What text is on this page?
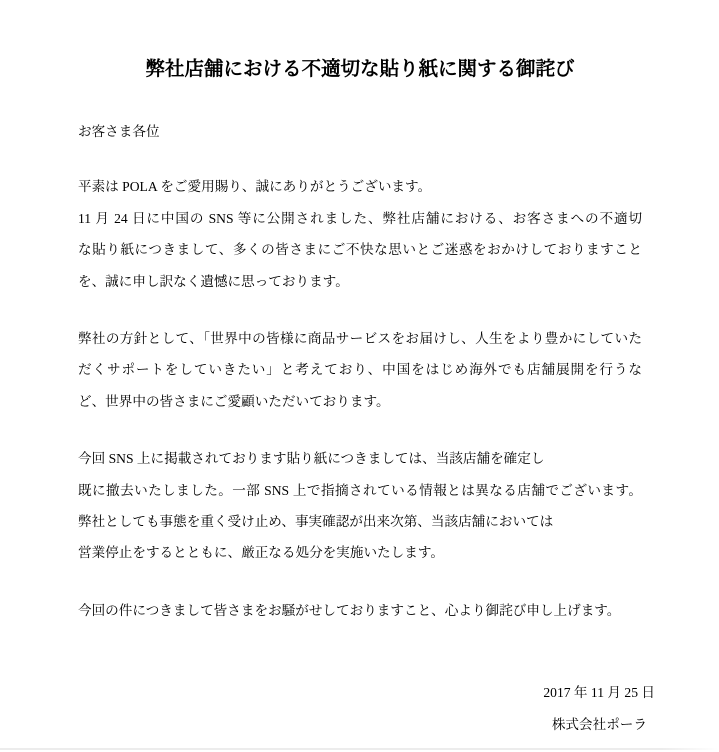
弊社店舗における不適切な貼り紙に関する御詫び
お客さま各位
平素は POLA をご愛用賜り、誠にありがとうございます。
11 月 24 日に中国の SNS 等に公開されました、弊社店舗における、お客さまへの不適切
な貼り紙につきまして、多くの皆さまにご不快な思いとご迷惑をおかけしておりますこと
を、誠に申し訳なく遺憾に思っております。
弊社の方針として、「世界中の皆様に商品サービスをお届けし、人生をより豊かにしていた
だくサポートをしていきたい」と考えており、中国をはじめ海外でも店舗展開を行うな
ど、世界中の皆さまにご愛顧いただいております。
今回 SNS 上に掲載されております貼り紙につきましては、当該店舗を確定し
既に撤去いたしました。一部 SNS 上で指摘されている情報とは異なる店舗でございます。
弊社としても事態を重く受け止め、事実確認が出来次第、当該店舗においては
営業停止をするとともに、厳正なる処分を実施いたします。
今回の件につきまして皆さまをお騒がせしておりますこと、心より御詫び申し上げます。
2017 年 11 月 25 日
株式会社ポーラ
